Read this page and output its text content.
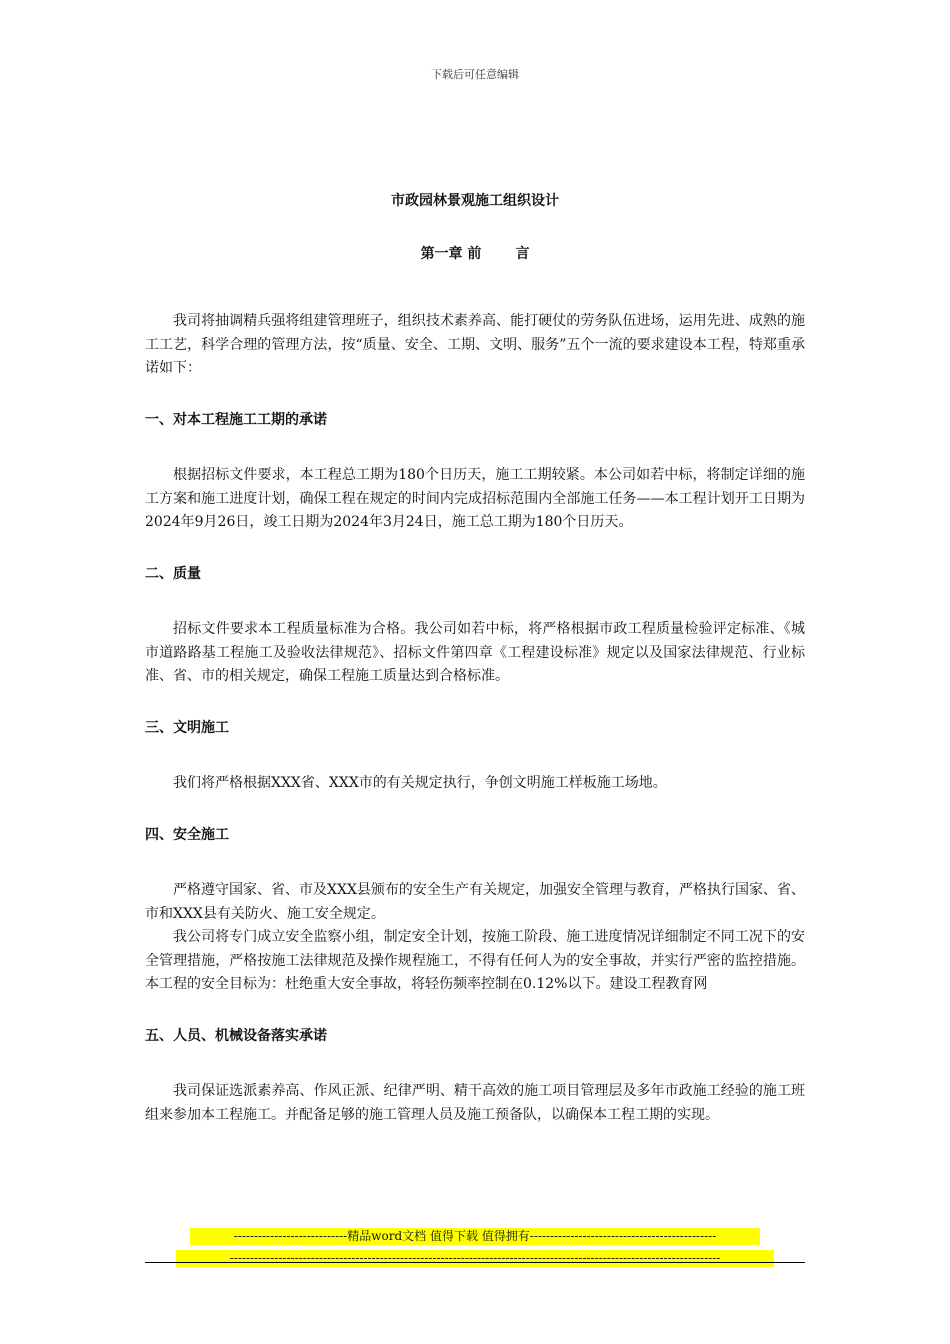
下载后可任意编辑
市政园林景观施工组织设计
第一章 前 言

我司将抽调精兵强将组建管理班子，组织技术素养高、能打硬仗的劳务队伍进场，运用先进、成熟的施工工艺，科学合理的管理方法，按“质量、安全、工期、文明、服务”五个一流的要求建设本工程，特郑重承诺如下：

一、对本工程施工工期的承诺

根据招标文件要求，本工程总工期为180个日历天，施工工期较紧。本公司如若中标，将制定详细的施工方案和施工进度计划，确保工程在规定的时间内完成招标范围内全部施工任务——本工程计划开工日期为2024年9月26日，竣工日期为2024年3月24日，施工总工期为180个日历天。

二、质量

招标文件要求本工程质量标准为合格。我公司如若中标，将严格根据市政工程质量检验评定标准、《城市道路路基工程施工及验收法律规范》、招标文件第四章《工程建设标准》规定以及国家法律规范、行业标准、省、市的相关规定，确保工程施工质量达到合格标准。

三、文明施工

我们将严格根据XXX省、XXX市的有关规定执行，争创文明施工样板施工场地。

四、安全施工

严格遵守国家、省、市及XXX县颁布的安全生产有关规定，加强安全管理与教育，严格执行国家、省、市和XXX县有关防火、施工安全规定。

我公司将专门成立安全监察小组，制定安全计划，按施工阶段、施工进度情况详细制定不同工况下的安全管理措施，严格按施工法律规范及操作规程施工，不得有任何人为的安全事故，并实行严密的监控措施。本工程的安全目标为：杜绝重大安全事故，将轻伤频率控制在0.12%以下。建设工程教育网

五、人员、机械设备落实承诺

我司保证选派素养高、作风正派、纪律严明、精干高效的施工项目管理层及多年市政施工经验的施工班组来参加本工程施工。并配备足够的施工管理人员及施工预备队，以确保本工程工期的实现。

----------------------------精品word文档 值得下载 值得拥有----------------------------------------------
-------------------------------------------------------------------------------------------------------------------------
